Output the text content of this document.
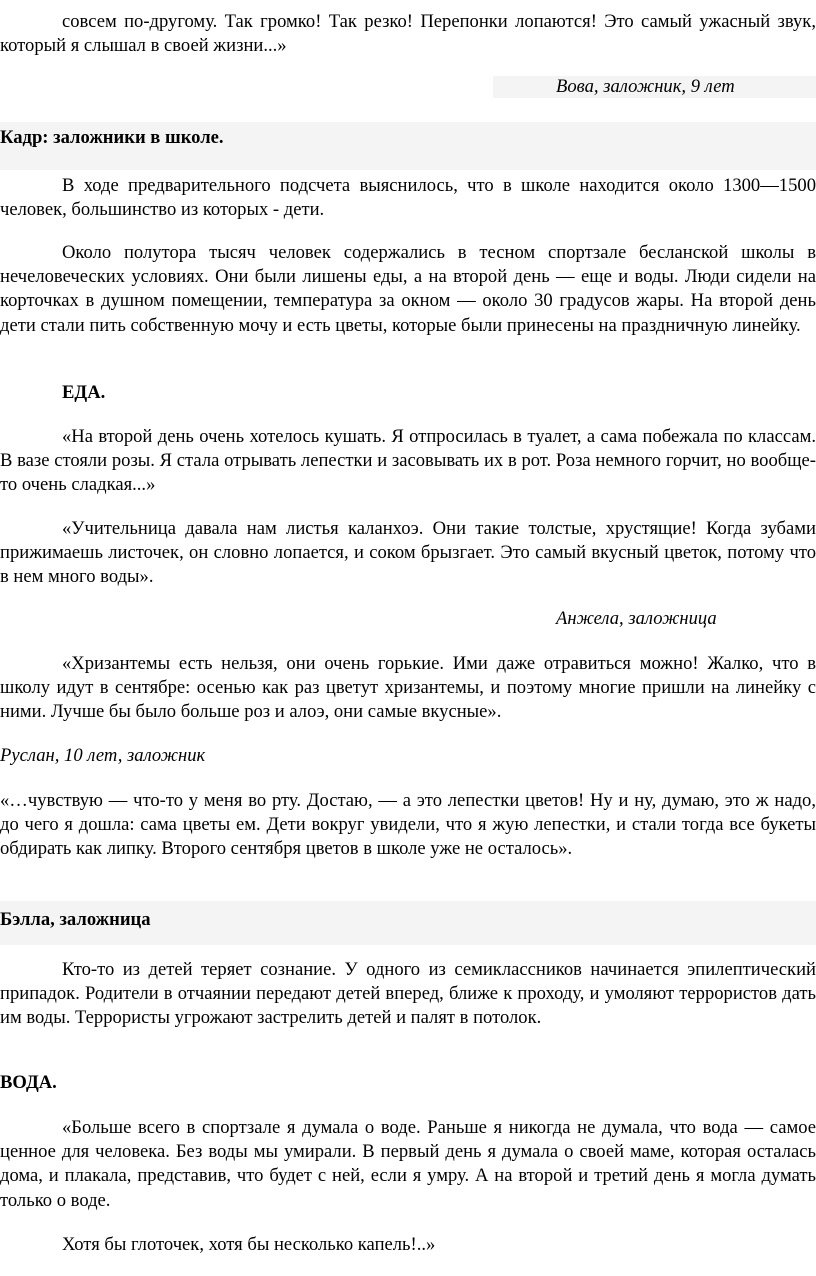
совсем по-другому. Так громко! Так резко! Перепонки лопаются! Это самый ужасный звук, который я слышал в своей жизни...»

Вова, заложник, 9 лет

Кадр: заложники в школе.

В ходе предварительного подсчета выяснилось, что в школе находится около 1300—1500 человек, большинство из которых - дети.

Около полутора тысяч человек содержались в тесном спортзале бесланской школы в нечеловеческих условиях. Они были лишены еды, а на второй день — еще и воды. Люди сидели на корточках в душном помещении, температура за окном — около 30 градусов жары. На второй день дети стали пить собственную мочу и есть цветы, которые были принесены на праздничную линейку.

ЕДА.

«На второй день очень хотелось кушать. Я отпросилась в туалет, а сама побежала по классам. В вазе стояли розы. Я стала отрывать лепестки и засовывать их в рот. Роза немного горчит, но вообще-то очень сладкая...»

«Учительница давала нам листья каланхоэ. Они такие толстые, хрустящие! Когда зубами прижимаешь листочек, он словно лопается, и соком брызгает. Это самый вкусный цветок, потому что в нем много воды».

Анжела, заложница

«Хризантемы есть нельзя, они очень горькие. Ими даже отравиться можно! Жалко, что в школу идут в сентябре: осенью как раз цветут хризантемы, и поэтому многие пришли на линейку с ними. Лучше бы было больше роз и алоэ, они самые вкусные».

Руслан, 10 лет, заложник

«…чувствую — что-то у меня во рту. Достаю, — а это лепестки цветов! Ну и ну, думаю, это ж надо, до чего я дошла: сама цветы ем. Дети вокруг увидели, что я жую лепестки, и стали тогда все букеты обдирать как липку. Второго сентября цветов в школе уже не осталось».

Бэлла, заложница

Кто-то из детей теряет сознание. У одного из семиклассников начинается эпилептический припадок. Родители в отчаянии передают детей вперед, ближе к проходу, и умоляют террористов дать им воды. Террористы угрожают застрелить детей и палят в потолок.

ВОДА.

«Больше всего в спортзале я думала о воде. Раньше я никогда не думала, что вода — самое ценное для человека. Без воды мы умирали. В первый день я думала о своей маме, которая осталась дома, и плакала, представив, что будет с ней, если я умру. А на второй и третий день я могла думать только о воде.

Хотя бы глоточек, хотя бы несколько капель!..»
